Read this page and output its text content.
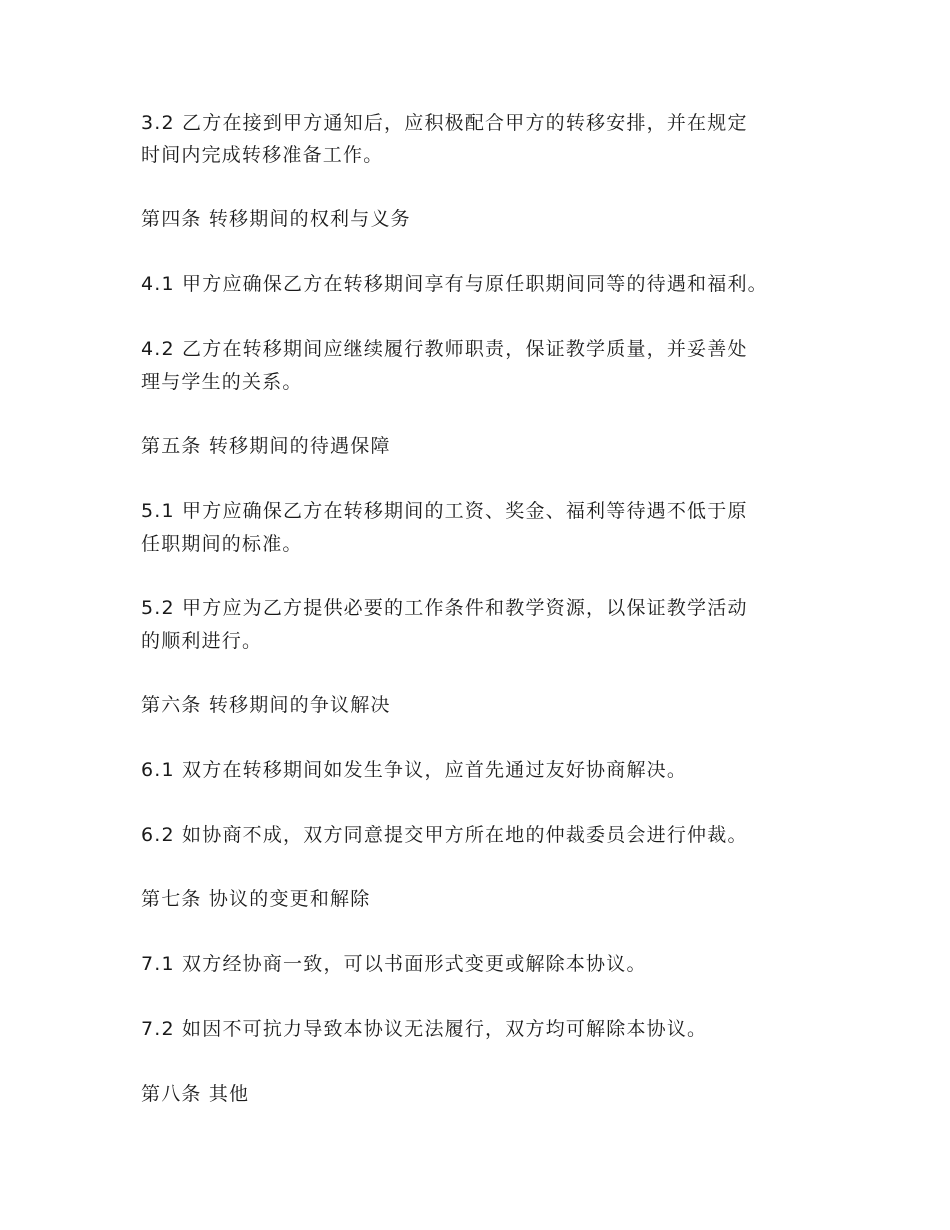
3.2 乙方在接到甲方通知后，应积极配合甲方的转移安排，并在规定
时间内完成转移准备工作。
第四条 转移期间的权利与义务
4.1 甲方应确保乙方在转移期间享有与原任职期间同等的待遇和福利。
4.2 乙方在转移期间应继续履行教师职责，保证教学质量，并妥善处
理与学生的关系。
第五条 转移期间的待遇保障
5.1 甲方应确保乙方在转移期间的工资、奖金、福利等待遇不低于原
任职期间的标准。
5.2 甲方应为乙方提供必要的工作条件和教学资源，以保证教学活动
的顺利进行。
第六条 转移期间的争议解决
6.1 双方在转移期间如发生争议，应首先通过友好协商解决。
6.2 如协商不成，双方同意提交甲方所在地的仲裁委员会进行仲裁。
第七条 协议的变更和解除
7.1 双方经协商一致，可以书面形式变更或解除本协议。
7.2 如因不可抗力导致本协议无法履行，双方均可解除本协议。
第八条 其他
